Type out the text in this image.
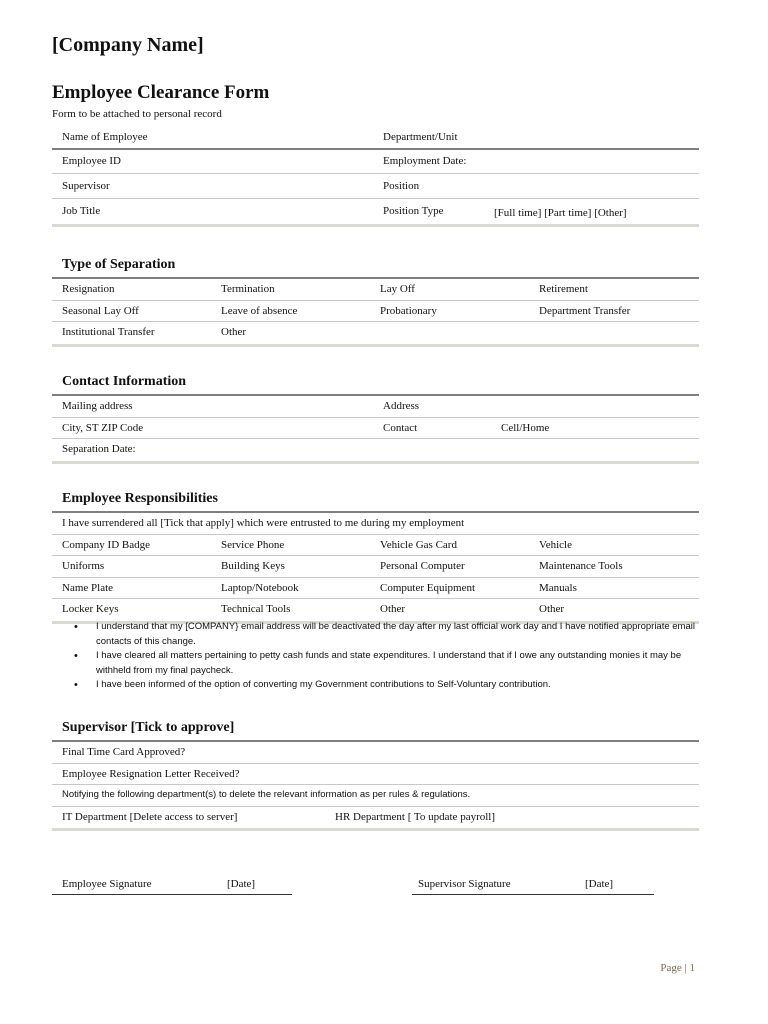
[Company Name]
Employee Clearance Form
Form to be attached to personal record
Name of Employee	Department/Unit
Employee ID	Employment Date:
Supervisor	Position
Job Title	Position Type	[Full time] [Part time] [Other]
Type of Separation
Resignation	Termination	Lay Off	Retirement
Seasonal Lay Off	Leave of absence	Probationary	Department Transfer
Institutional Transfer	Other
Contact Information
Mailing address	Address
City, ST ZIP Code	Contact	Cell/Home
Separation Date:
Employee Responsibilities
I have surrendered all [Tick that apply] which were entrusted to me during my employment
Company ID Badge	Service Phone	Vehicle Gas Card	Vehicle
Uniforms	Building Keys	Personal Computer	Maintenance Tools
Name Plate	Laptop/Notebook	Computer Equipment	Manuals
Locker Keys	Technical Tools	Other	Other
• I understand that my [COMPANY} email address will be deactivated the day after my last official work day and I have notified appropriate email contacts of this change.
• I have cleared all matters pertaining to petty cash funds and state expenditures. I understand that if I owe any outstanding monies it may be withheld from my final paycheck.
• I have been informed of the option of converting my Government contributions to Self-Voluntary contribution.
Supervisor [Tick to approve]
Final Time Card Approved?
Employee Resignation Letter Received?
Notifying the following department(s) to delete the relevant information as per rules & regulations.
IT Department [Delete access to server]	HR Department [ To update payroll]
Employee Signature	[Date]	Supervisor Signature	[Date]
Page | 1
